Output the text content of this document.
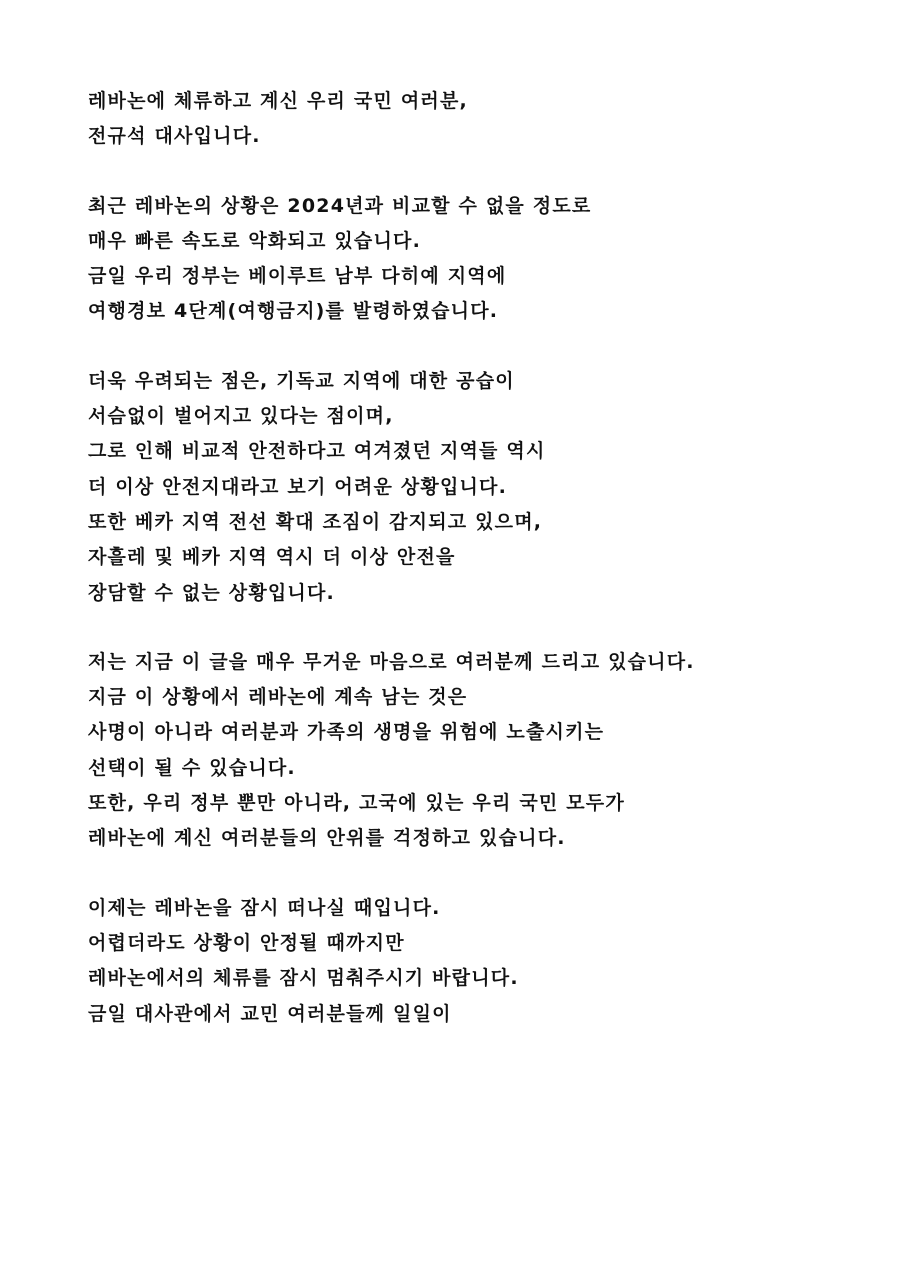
레바논에 체류하고 계신 우리 국민 여러분,
전규석 대사입니다.
최근 레바논의 상황은 2024년과 비교할 수 없을 정도로
매우 빠른 속도로 악화되고 있습니다.
금일 우리 정부는 베이루트 남부 다히예 지역에
여행경보 4단계(여행금지)를 발령하였습니다.
더욱 우려되는 점은, 기독교 지역에 대한 공습이
서슴없이 벌어지고 있다는 점이며,
그로 인해 비교적 안전하다고 여겨졌던 지역들 역시
더 이상 안전지대라고 보기 어려운 상황입니다.
또한 베카 지역 전선 확대 조짐이 감지되고 있으며,
자흘레 및 베카 지역 역시 더 이상 안전을
장담할 수 없는 상황입니다.
저는 지금 이 글을 매우 무거운 마음으로 여러분께 드리고 있습니다.
지금 이 상황에서 레바논에 계속 남는 것은
사명이 아니라 여러분과 가족의 생명을 위험에 노출시키는
선택이 될 수 있습니다.
또한, 우리 정부 뿐만 아니라, 고국에 있는 우리 국민 모두가
레바논에 계신 여러분들의 안위를 걱정하고 있습니다.
이제는 레바논을 잠시 떠나실 때입니다.
어렵더라도 상황이 안정될 때까지만
레바논에서의 체류를 잠시 멈춰주시기 바랍니다.
금일 대사관에서 교민 여러분들께 일일이
